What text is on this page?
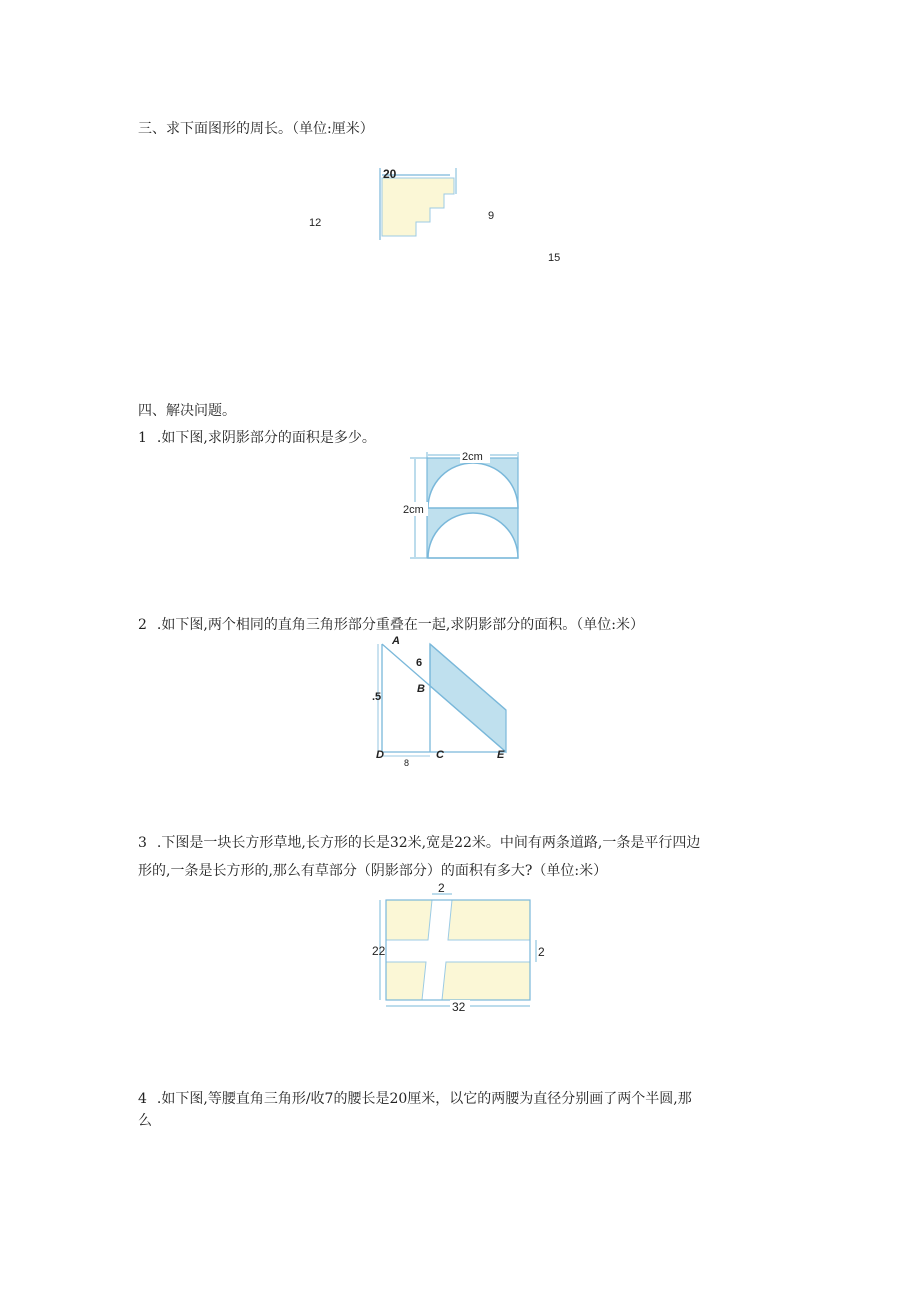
三、求下面图形的周长。（单位:厘米）
20
12
9
15
四、解决问题。
1 .如下图,求阴影部分的面积是多少。
2cm
2cm
2 .如下图,两个相同的直角三角形部分重叠在一起,求阴影部分的面积。（单位:米）
A
6
B
.5
D	C	E
8
3 .下图是一块长方形草地,长方形的长是32米,宽是22米。中间有两条道路,一条是平行四边
形的,一条是长方形的,那么有草部分（阴影部分）的面积有多大?（单位:米）
2
22	2
32
4 .如下图,等腰直角三角形/收7的腰长是20厘米，以它的两腰为直径分别画了两个半圆,那
么
